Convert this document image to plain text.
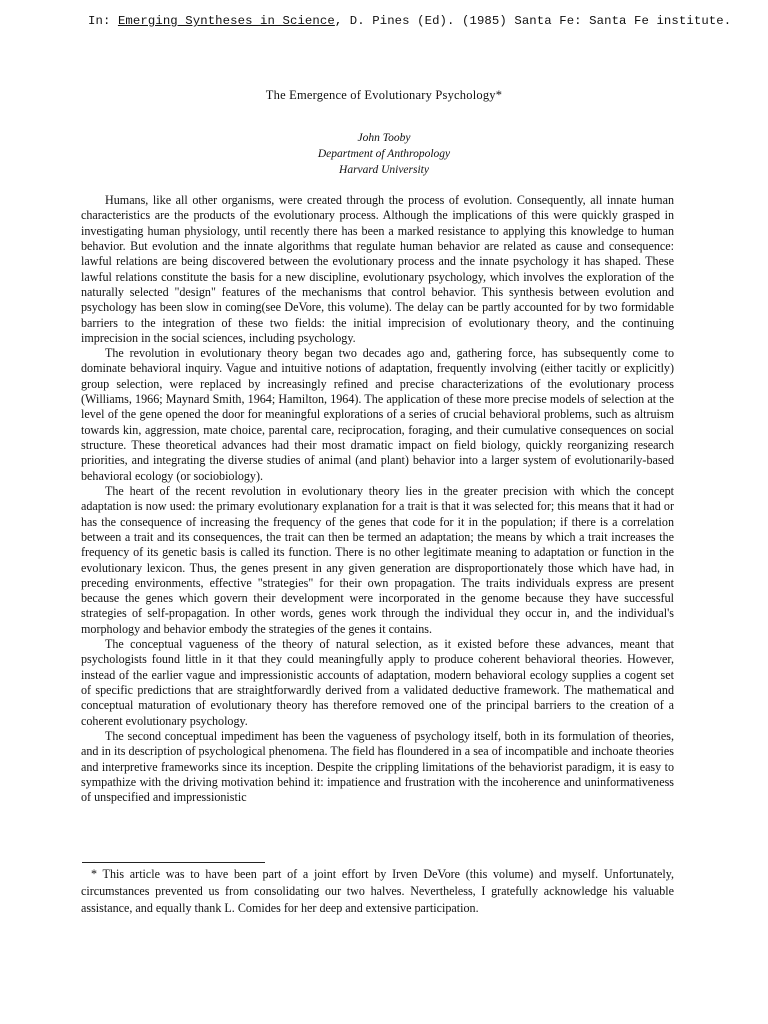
In: Emerging Syntheses in Science, D. Pines (Ed). (1985) Santa Fe: Santa Fe institute.
The Emergence of Evolutionary Psychology*
John Tooby
Department of Anthropology
Harvard University

Humans, like all other organisms, were created through the process of evolution. Consequently, all innate human characteristics are the products of the evolutionary process. Although the implications of this were quickly grasped in investigating human physiology, until recently there has been a marked resistance to applying this knowledge to human behavior. But evolution and the innate algorithms that regulate human behavior are related as cause and consequence: lawful relations are being discovered between the evolutionary process and the innate psychology it has shaped. These lawful relations constitute the basis for a new discipline, evolutionary psychology, which involves the exploration of the naturally selected "design" features of the mechanisms that control behavior. This synthesis between evolution and psychology has been slow in coming(see DeVore, this volume). The delay can be partly accounted for by two formidable barriers to the integration of these two fields: the initial imprecision of evolutionary theory, and the continuing imprecision in the social sciences, including psychology.

The revolution in evolutionary theory began two decades ago and, gathering force, has subsequently come to dominate behavioral inquiry. Vague and intuitive notions of adaptation, frequently involving (either tacitly or explicitly) group selection, were replaced by increasingly refined and precise characterizations of the evolutionary process (Williams, 1966; Maynard Smith, 1964; Hamilton, 1964). The application of these more precise models of selection at the level of the gene opened the door for meaningful explorations of a series of crucial behavioral problems, such as altruism towards kin, aggression, mate choice, parental care, reciprocation, foraging, and their cumulative consequences on social structure. These theoretical advances had their most dramatic impact on field biology, quickly reorganizing research priorities, and integrating the diverse studies of animal (and plant) behavior into a larger system of evolutionarily-based behavioral ecology (or sociobiology).

The heart of the recent revolution in evolutionary theory lies in the greater precision with which the concept adaptation is now used: the primary evolutionary explanation for a trait is that it was selected for; this means that it had or has the consequence of increasing the frequency of the genes that code for it in the population; if there is a correlation between a trait and its consequences, the trait can then be termed an adaptation; the means by which a trait increases the frequency of its genetic basis is called its function. There is no other legitimate meaning to adaptation or function in the evolutionary lexicon. Thus, the genes present in any given generation are disproportionately those which have had, in preceding environments, effective "strategies" for their own propagation. The traits individuals express are present because the genes which govern their development were incorporated in the genome because they have successful strategies of self-propagation. In other words, genes work through the individual they occur in, and the individual's morphology and behavior embody the strategies of the genes it contains.

The conceptual vagueness of the theory of natural selection, as it existed before these advances, meant that psychologists found little in it that they could meaningfully apply to produce coherent behavioral theories. However, instead of the earlier vague and impressionistic accounts of adaptation, modern behavioral ecology supplies a cogent set of specific predictions that are straightforwardly derived from a validated deductive framework. The mathematical and conceptual maturation of evolutionary theory has therefore removed one of the principal barriers to the creation of a coherent evolutionary psychology.

The second conceptual impediment has been the vagueness of psychology itself, both in its formulation of theories, and in its description of psychological phenomena. The field has floundered in a sea of incompatible and inchoate theories and interpretive frameworks since its inception. Despite the crippling limitations of the behaviorist paradigm, it is easy to sympathize with the driving motivation behind it: impatience and frustration with the incoherence and uninformativeness of unspecified and impressionistic

* This article was to have been part of a joint effort by Irven DeVore (this volume) and myself. Unfortunately, circumstances prevented us from consolidating our two halves. Nevertheless, I gratefully acknowledge his valuable assistance, and equally thank L. Comides for her deep and extensive participation.
